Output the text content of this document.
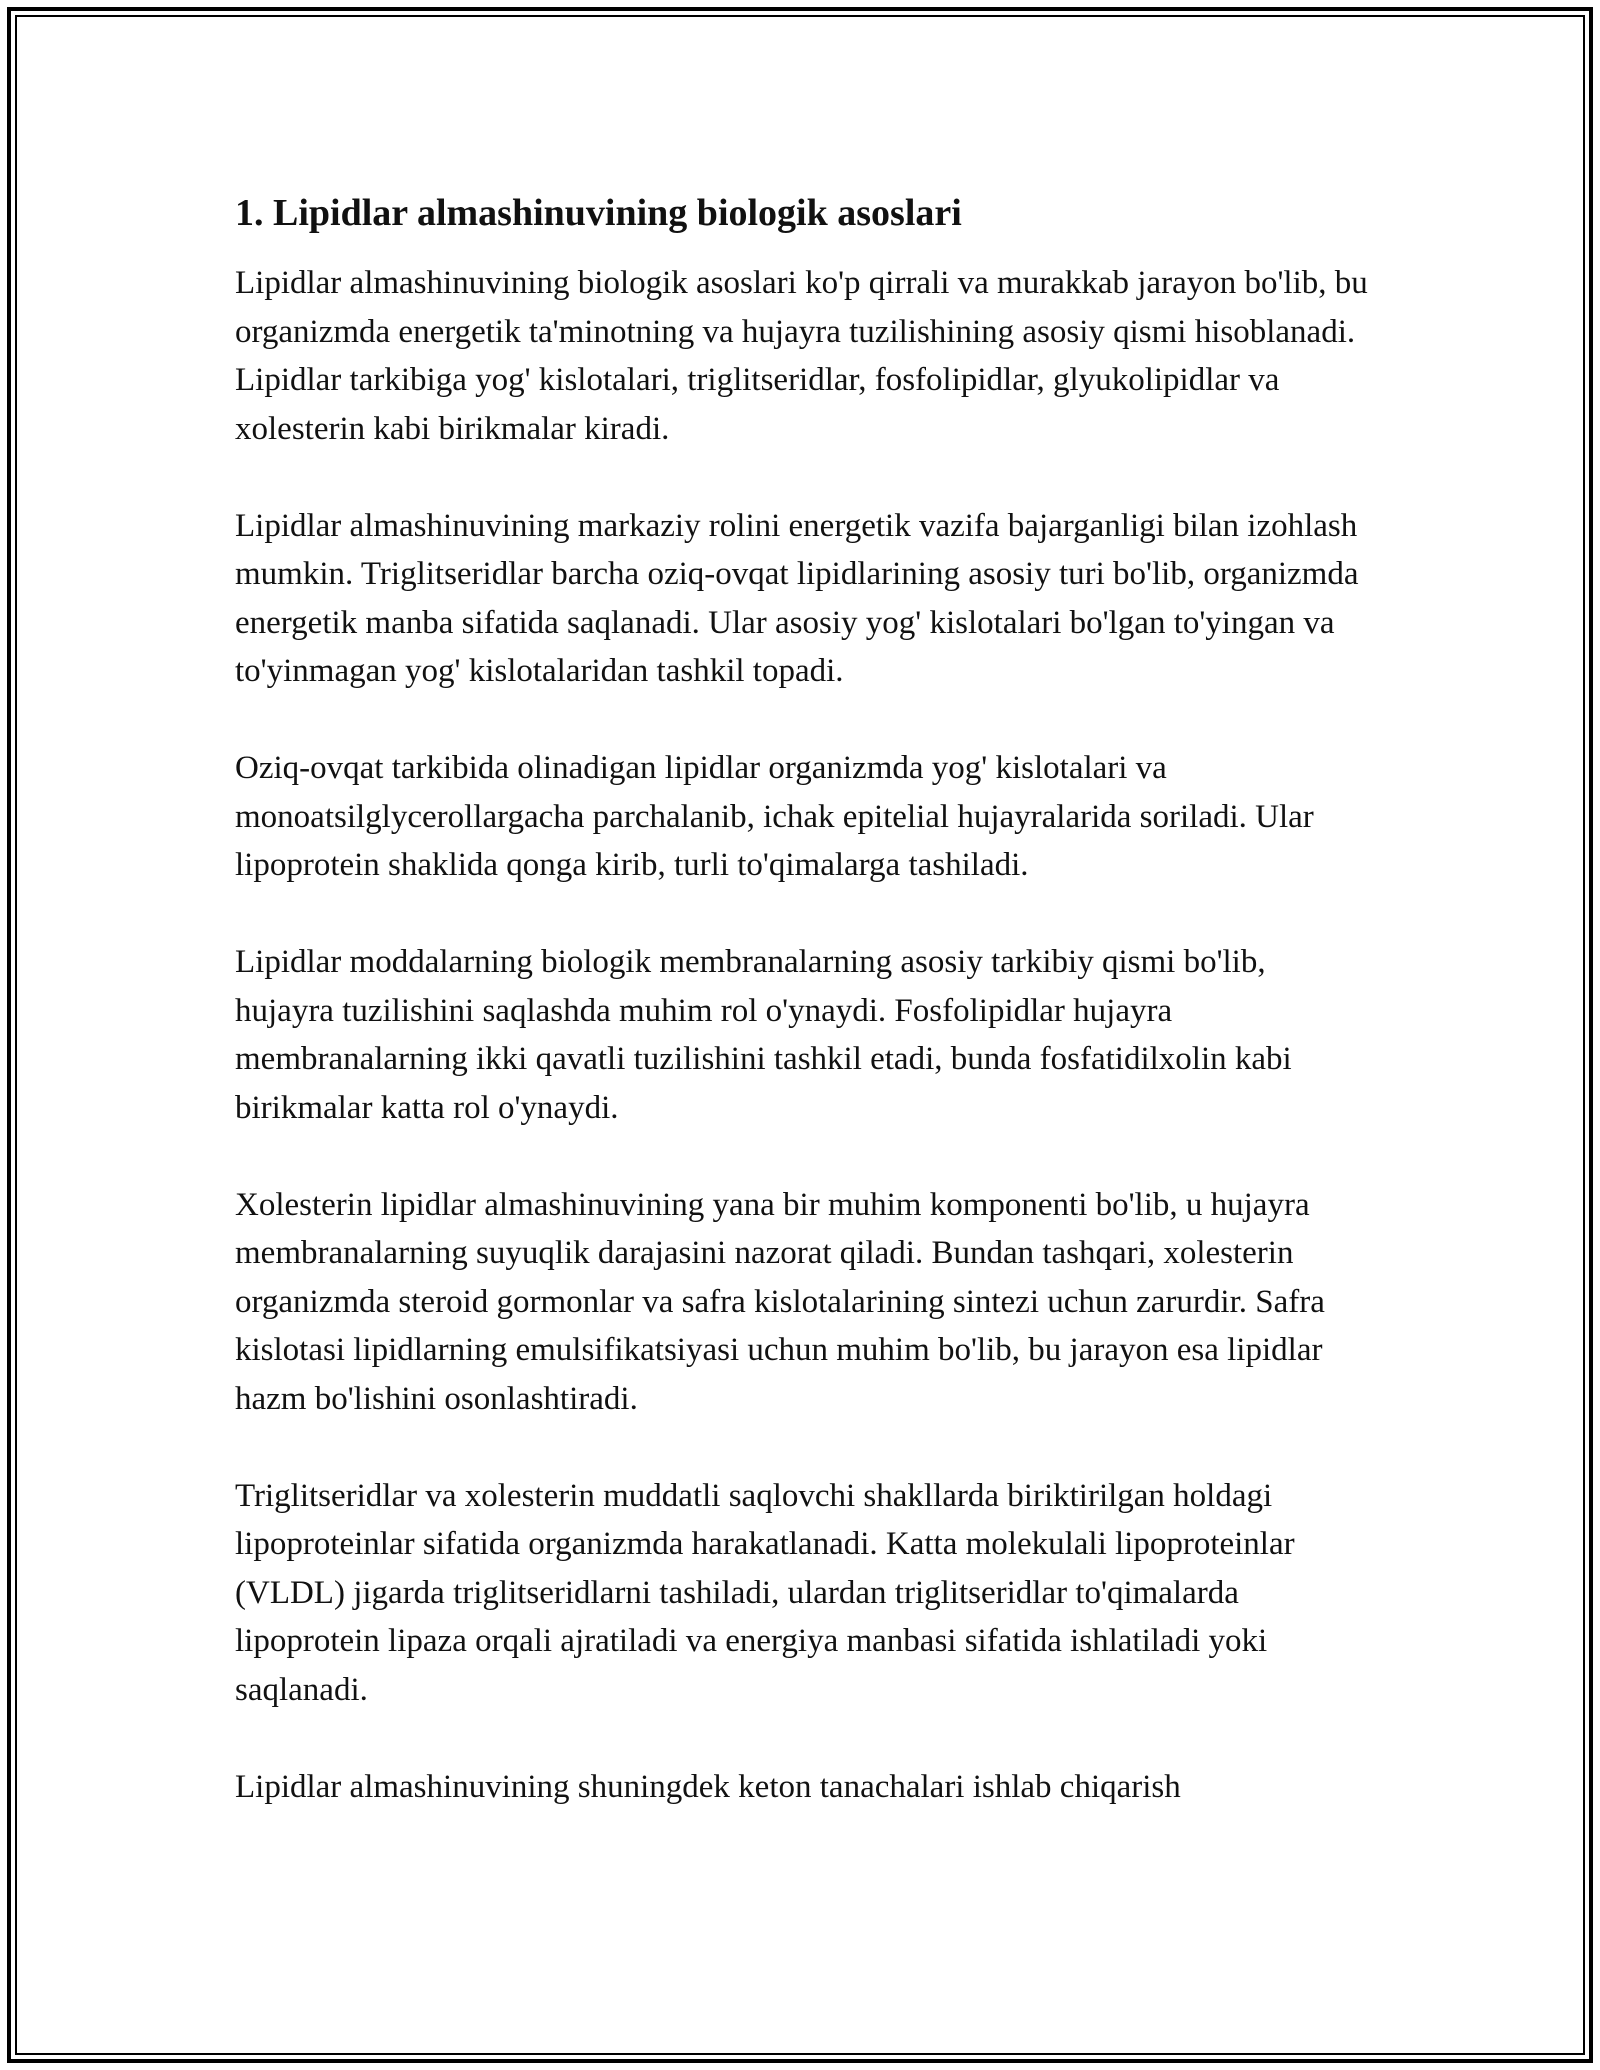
1. Lipidlar almashinuvining biologik asoslari

Lipidlar almashinuvining biologik asoslari ko'p qirrali va murakkab jarayon bo'lib, bu organizmda energetik ta'minotning va hujayra tuzilishining asosiy qismi hisoblanadi. Lipidlar tarkibiga yog' kislotalari, triglitseridlar, fosfolipidlar, glyukolipidlar va xolesterin kabi birikmalar kiradi.

Lipidlar almashinuvining markaziy rolini energetik vazifa bajarganligi bilan izohlash mumkin. Triglitseridlar barcha oziq-ovqat lipidlarining asosiy turi bo'lib, organizmda energetik manba sifatida saqlanadi. Ular asosiy yog' kislotalari bo'lgan to'yingan va to'yinmagan yog' kislotalaridan tashkil topadi.

Oziq-ovqat tarkibida olinadigan lipidlar organizmda yog' kislotalari va monoatsilglycerollargacha parchalanib, ichak epitelial hujayralarida soriladi. Ular lipoprotein shaklida qonga kirib, turli to'qimalarga tashiladi.

Lipidlar moddalarning biologik membranalarning asosiy tarkibiy qismi bo'lib, hujayra tuzilishini saqlashda muhim rol o'ynaydi. Fosfolipidlar hujayra membranalarning ikki qavatli tuzilishini tashkil etadi, bunda fosfatidilxolin kabi birikmalar katta rol o'ynaydi.

Xolesterin lipidlar almashinuvining yana bir muhim komponenti bo'lib, u hujayra membranalarning suyuqlik darajasini nazorat qiladi. Bundan tashqari, xolesterin organizmda steroid gormonlar va safra kislotalarining sintezi uchun zarurdir. Safra kislotasi lipidlarning emulsifikatsiyasi uchun muhim bo'lib, bu jarayon esa lipidlar hazm bo'lishini osonlashtiradi.

Triglitseridlar va xolesterin muddatli saqlovchi shakllarda biriktirilgan holdagi lipoproteinlar sifatida organizmda harakatlanadi. Katta molekulali lipoproteinlar (VLDL) jigarda triglitseridlarni tashiladi, ulardan triglitseridlar to'qimalarda lipoprotein lipaza orqali ajratiladi va energiya manbasi sifatida ishlatiladi yoki saqlanadi.

Lipidlar almashinuvining shuningdek keton tanachalari ishlab chiqarish
